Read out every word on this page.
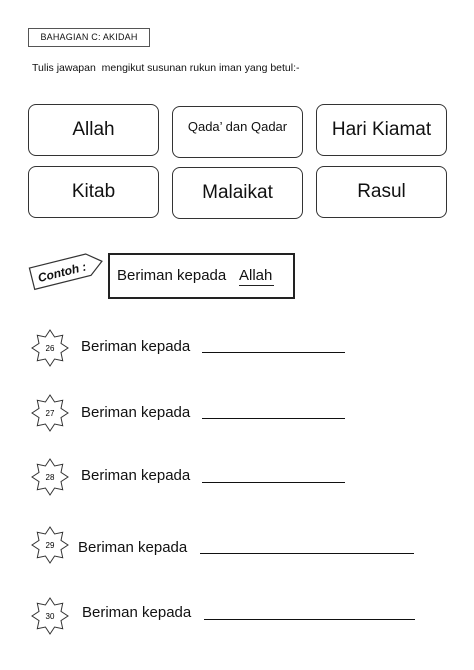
BAHAGIAN C: AKIDAH
Tulis jawapan  mengikut susunan rukun iman yang betul:-
Allah	Qada’ dan Qadar	Hari Kiamat
Kitab	Malaikat	Rasul
Contoh : Beriman kepada Allah
26 Beriman kepada
27 Beriman kepada
28 Beriman kepada
29 Beriman kepada
30 Beriman kepada
